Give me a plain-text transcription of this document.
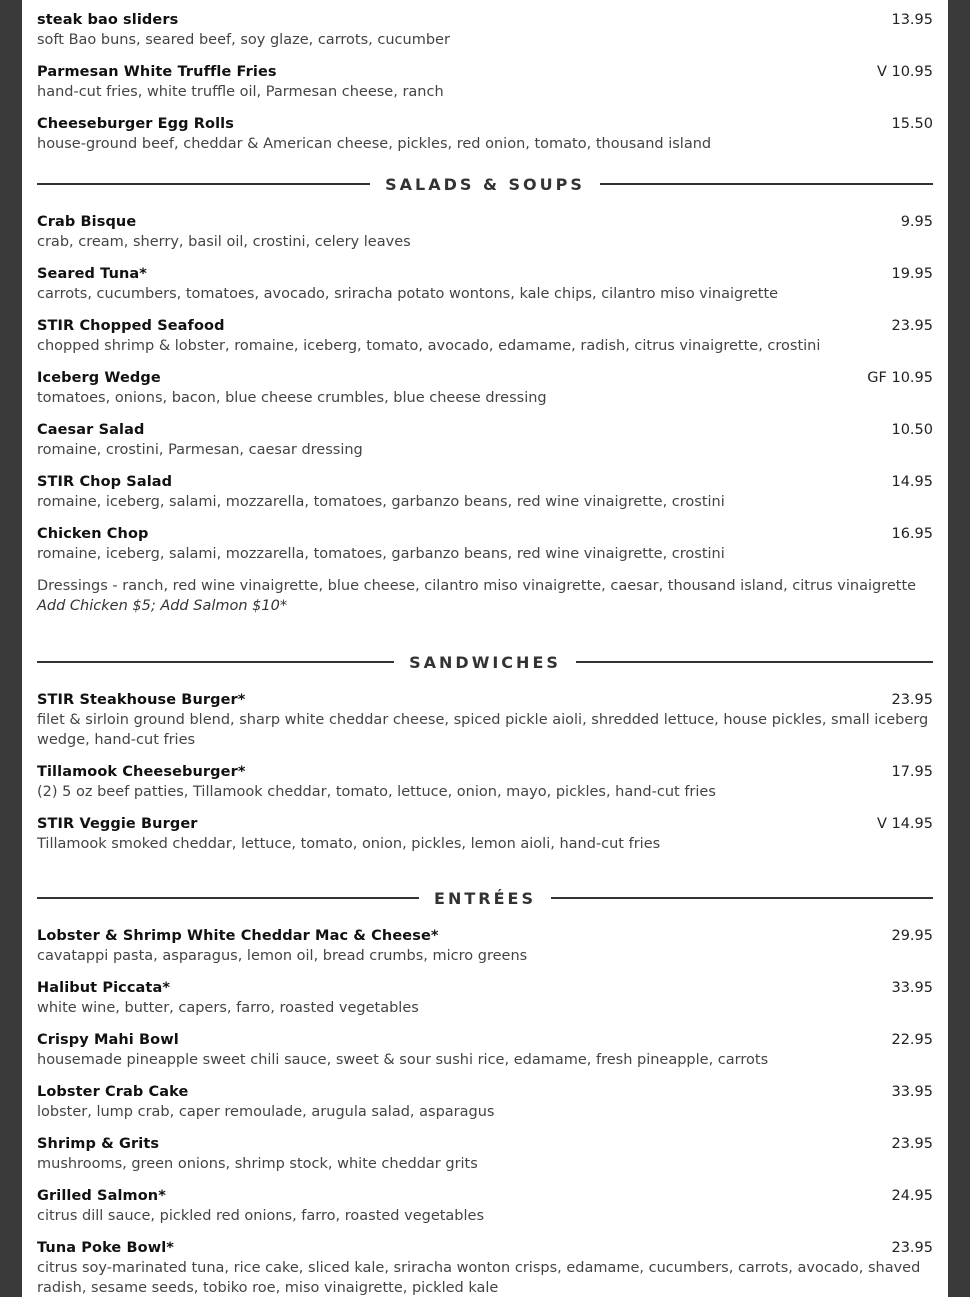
steak bao sliders	13.95
soft Bao buns, seared beef, soy glaze, carrots, cucumber
Parmesan White Truffle Fries	V 10.95
hand-cut fries, white truffle oil, Parmesan cheese, ranch
Cheeseburger Egg Rolls	15.50
house-ground beef, cheddar & American cheese, pickles, red onion, tomato, thousand island
SALADS & SOUPS
Crab Bisque	9.95
crab, cream, sherry, basil oil, crostini, celery leaves
Seared Tuna*	19.95
carrots, cucumbers, tomatoes, avocado, sriracha potato wontons, kale chips, cilantro miso vinaigrette
STIR Chopped Seafood	23.95
chopped shrimp & lobster, romaine, iceberg, tomato, avocado, edamame, radish, citrus vinaigrette, crostini
Iceberg Wedge	GF 10.95
tomatoes, onions, bacon, blue cheese crumbles, blue cheese dressing
Caesar Salad	10.50
romaine, crostini, Parmesan, caesar dressing
STIR Chop Salad	14.95
romaine, iceberg, salami, mozzarella, tomatoes, garbanzo beans, red wine vinaigrette, crostini
Chicken Chop	16.95
romaine, iceberg, salami, mozzarella, tomatoes, garbanzo beans, red wine vinaigrette, crostini
Dressings - ranch, red wine vinaigrette, blue cheese, cilantro miso vinaigrette, caesar, thousand island, citrus vinaigrette
Add Chicken $5; Add Salmon $10*
SANDWICHES
STIR Steakhouse Burger*	23.95
filet & sirloin ground blend, sharp white cheddar cheese, spiced pickle aioli, shredded lettuce, house pickles, small iceberg wedge, hand-cut fries
Tillamook Cheeseburger*	17.95
(2) 5 oz beef patties, Tillamook cheddar, tomato, lettuce, onion, mayo, pickles, hand-cut fries
STIR Veggie Burger	V 14.95
Tillamook smoked cheddar, lettuce, tomato, onion, pickles, lemon aioli, hand-cut fries
ENTRÉES
Lobster & Shrimp White Cheddar Mac & Cheese*	29.95
cavatappi pasta, asparagus, lemon oil, bread crumbs, micro greens
Halibut Piccata*	33.95
white wine, butter, capers, farro, roasted vegetables
Crispy Mahi Bowl	22.95
housemade pineapple sweet chili sauce, sweet & sour sushi rice, edamame, fresh pineapple, carrots
Lobster Crab Cake	33.95
lobster, lump crab, caper remoulade, arugula salad, asparagus
Shrimp & Grits	23.95
mushrooms, green onions, shrimp stock, white cheddar grits
Grilled Salmon*	24.95
citrus dill sauce, pickled red onions, farro, roasted vegetables
Tuna Poke Bowl*	23.95
citrus soy-marinated tuna, rice cake, sliced kale, sriracha wonton crisps, edamame, cucumbers, carrots, avocado, shaved radish, sesame seeds, tobiko roe, miso vinaigrette, pickled kale
